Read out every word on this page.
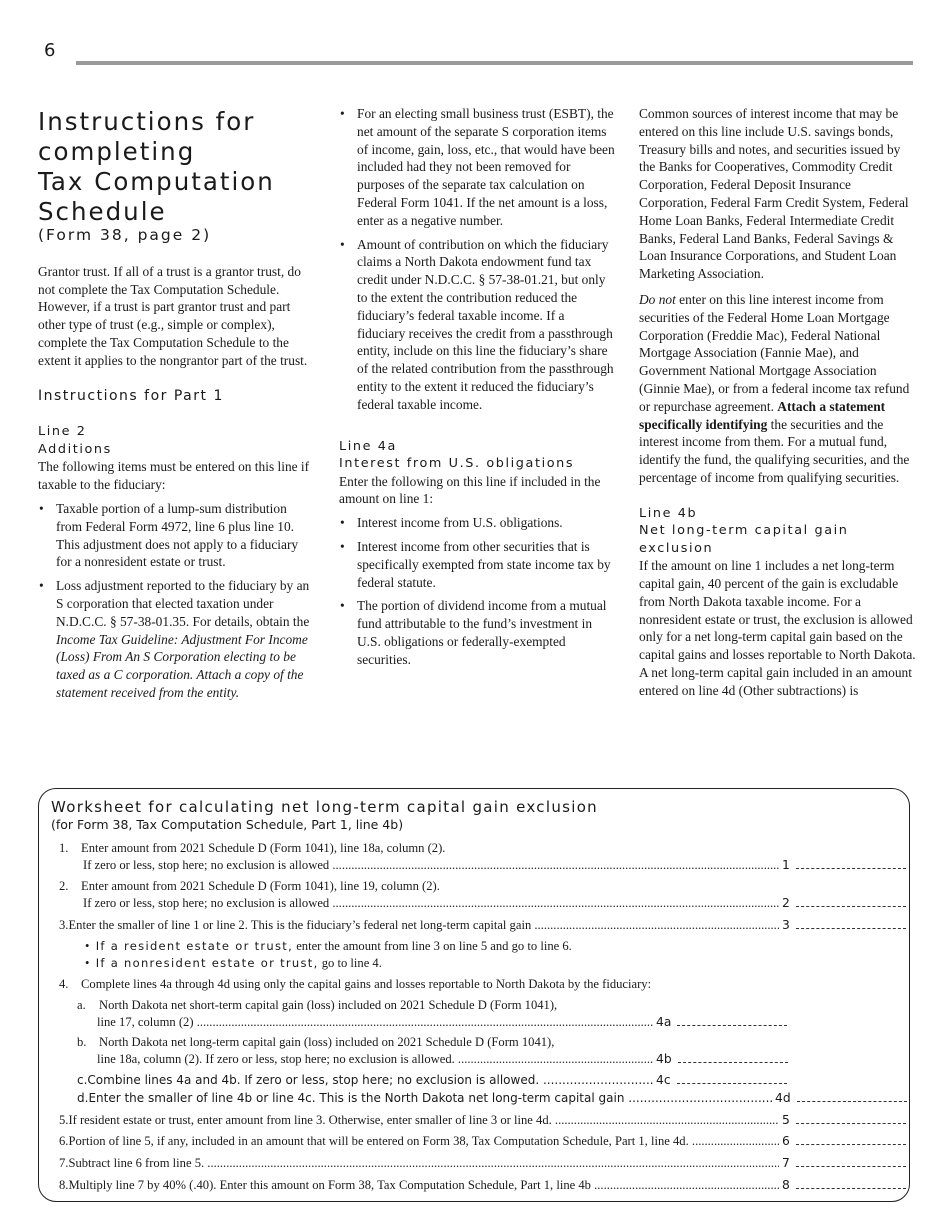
6
Instructions for
completing
Tax Computation
Schedule
(Form 38, page 2)

Grantor trust. If all of a trust is a grantor trust, do not complete the Tax Computation Schedule. However, if a trust is part grantor trust and part other type of trust (e.g., simple or complex), complete the Tax Computation Schedule to the extent it applies to the nongrantor part of the trust.

Instructions for Part 1
Line 2
Additions

The following items must be entered on this line if taxable to the fiduciary:

• Taxable portion of a lump-sum distribution from Federal Form 4972, line 6 plus line 10. This adjustment does not apply to a fiduciary for a nonresident estate or trust.
• Loss adjustment reported to the fiduciary by an S corporation that elected taxation under N.D.C.C. § 57-38-01.35. For details, obtain the Income Tax Guideline: Adjustment For Income (Loss) From An S Corporation electing to be taxed as a C corporation. Attach a copy of the statement received from the entity.
• For an electing small business trust (ESBT), the net amount of the separate S corporation items of income, gain, loss, etc., that would have been included had they not been removed for purposes of the separate tax calculation on Federal Form 1041. If the net amount is a loss, enter as a negative number.
• Amount of contribution on which the fiduciary claims a North Dakota endowment fund tax credit under N.D.C.C. § 57-38-01.21, but only to the extent the contribution reduced the fiduciary’s federal taxable income. If a fiduciary receives the credit from a passthrough entity, include on this line the fiduciary’s share of the related contribution from the passthrough entity to the extent it reduced the fiduciary’s federal taxable income.
Line 4a
Interest from U.S. obligations

Enter the following on this line if included in the amount on line 1:

• Interest income from U.S. obligations.
• Interest income from other securities that is specifically exempted from state income tax by federal statute.
• The portion of dividend income from a mutual fund attributable to the fund’s investment in U.S. obligations or federally-exempted securities.

Common sources of interest income that may be entered on this line include U.S. savings bonds, Treasury bills and notes, and securities issued by the Banks for Cooperatives, Commodity Credit Corporation, Federal Deposit Insurance Corporation, Federal Farm Credit System, Federal Home Loan Banks, Federal Intermediate Credit Banks, Federal Land Banks, Federal Savings & Loan Insurance Corporations, and Student Loan Marketing Association.

Do not enter on this line interest income from securities of the Federal Home Loan Mortgage Corporation (Freddie Mac), Federal National Mortgage Association (Fannie Mae), and Government National Mortgage Association (Ginnie Mae), or from a federal income tax refund or repurchase agreement. Attach a statement specifically identifying the securities and the interest income from them. For a mutual fund, identify the fund, the qualifying securities, and the percentage of income from qualifying securities.

Line 4b
Net long-term capital gain exclusion

If the amount on line 1 includes a net long-term capital gain, 40 percent of the gain is excludable from North Dakota taxable income. For a nonresident estate or trust, the exclusion is allowed only for a net long-term capital gain based on the capital gains and losses reportable to North Dakota. A net long-term capital gain included in an amount entered on line 4d (Other subtractions) is

Worksheet for calculating net long-term capital gain exclusion
(for Form 38, Tax Computation Schedule, Part 1, line 4b)
1. Enter amount from 2021 Schedule D (Form 1041), line 18a, column (2).
If zero or less, stop here; no exclusion is allowed .....	1
2. Enter amount from 2021 Schedule D (Form 1041), line 19, column (2).
If zero or less, stop here; no exclusion is allowed .....	2
3.Enter the smaller of line 1 or line 2. This is the fiduciary’s federal net long-term capital gain .....	3
•  If a resident estate or trust, enter the amount from line 3 on line 5 and go to line 6.
•  If a nonresident estate or trust, go to line 4.
4. Complete lines 4a through 4d using only the capital gains and losses reportable to North Dakota by the fiduciary:
a. North Dakota net short-term capital gain (loss) included on 2021 Schedule D (Form 1041),
line 17, column (2) .....	4a
b. North Dakota net long-term capital gain (loss) included on 2021 Schedule D (Form 1041),
line 18a, column (2). If zero or less, stop here; no exclusion is allowed. .....	4b
c.Combine lines 4a and 4b. If zero or less, stop here; no exclusion is allowed. .....	4c
d.Enter the smaller of line 4b or line 4c. This is the North Dakota net long-term capital gain .....	4d
5.If resident estate or trust, enter amount from line 3. Otherwise, enter smaller of line 3 or line 4d. .....	5
6.Portion of line 5, if any, included in an amount that will be entered on Form 38, Tax Computation Schedule, Part 1, line 4d. .....	6
7.Subtract line 6 from line 5. .....	7
8.Multiply line 7 by 40% (.40). Enter this amount on Form 38, Tax Computation Schedule, Part 1, line 4b .....	8
